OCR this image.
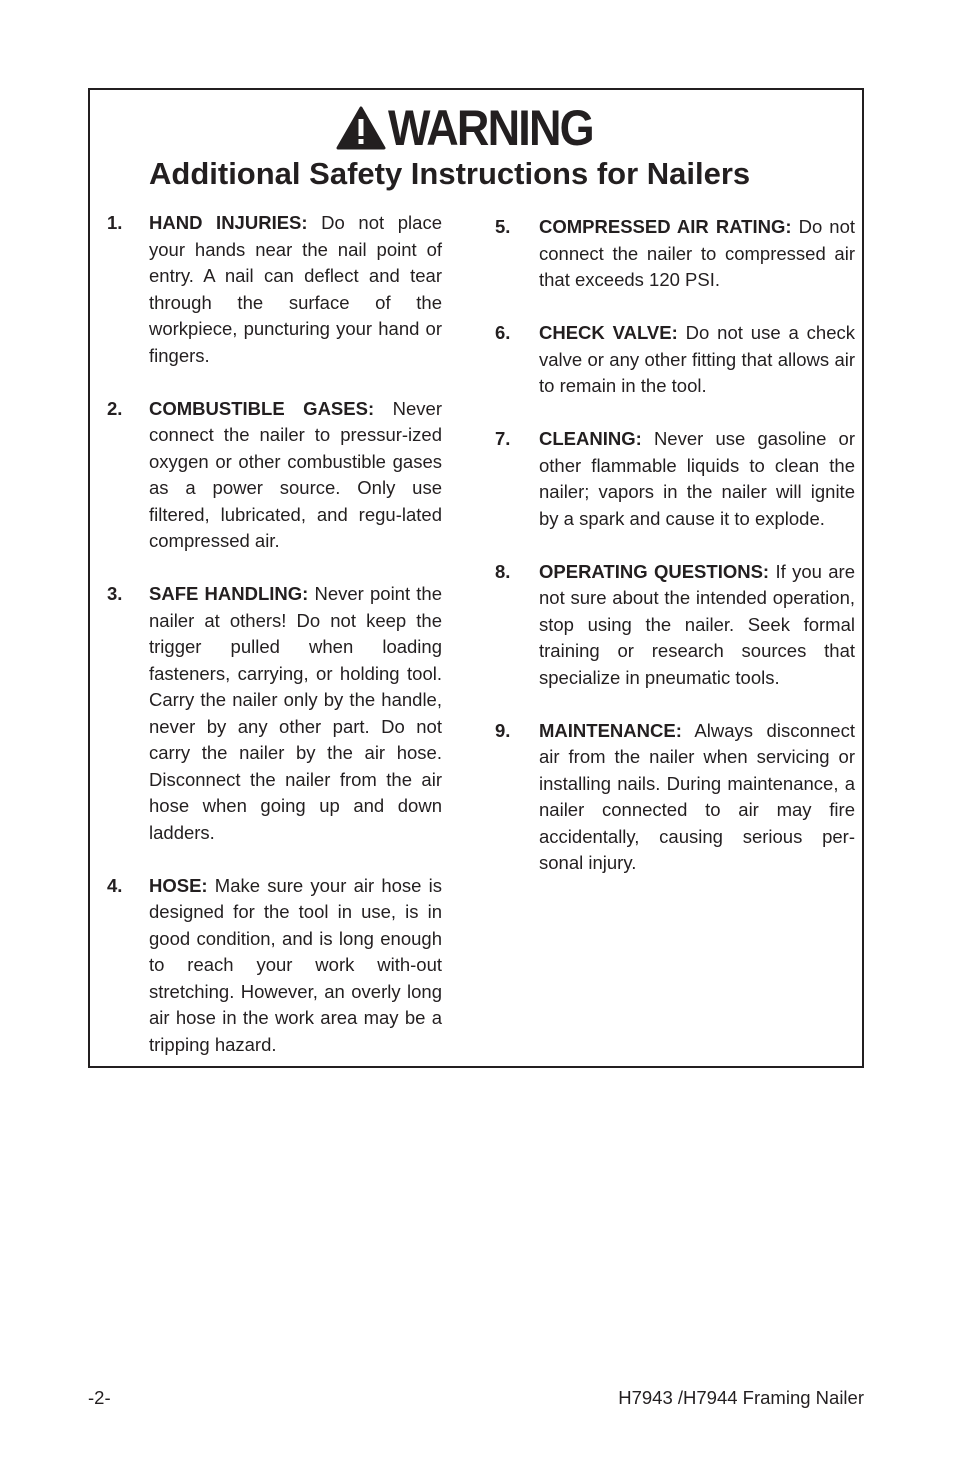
WARNING
Additional Safety Instructions for Nailers
1. HAND INJURIES: Do not place your hands near the nail point of entry. A nail can deflect and tear through the surface of the workpiece, puncturing your hand or fingers.
2. COMBUSTIBLE GASES: Never connect the nailer to pressur-ized oxygen or other combustible gases as a power source. Only use filtered, lubricated, and regu-lated compressed air.
3. SAFE HANDLING: Never point the nailer at others! Do not keep the trigger pulled when loading fasteners, carrying, or holding tool. Carry the nailer only by the handle, never by any other part. Do not carry the nailer by the air hose. Disconnect the nailer from the air hose when going up and down ladders.
4. HOSE: Make sure your air hose is designed for the tool in use, is in good condition, and is long enough to reach your work with-out stretching. However, an overly long air hose in the work area may be a tripping hazard.
5. COMPRESSED AIR RATING: Do not connect the nailer to compressed air that exceeds 120 PSI.
6. CHECK VALVE: Do not use a check valve or any other fitting that allows air to remain in the tool.
7. CLEANING: Never use gasoline or other flammable liquids to clean the nailer; vapors in the nailer will ignite by a spark and cause it to explode.
8. OPERATING QUESTIONS: If you are not sure about the intended operation, stop using the nailer. Seek formal training or research sources that specialize in pneumatic tools.
9. MAINTENANCE: Always disconnect air from the nailer when servicing or installing nails. During maintenance, a nailer connected to air may fire accidentally, causing serious per-sonal injury.
-2-	H7943 /H7944 Framing Nailer
